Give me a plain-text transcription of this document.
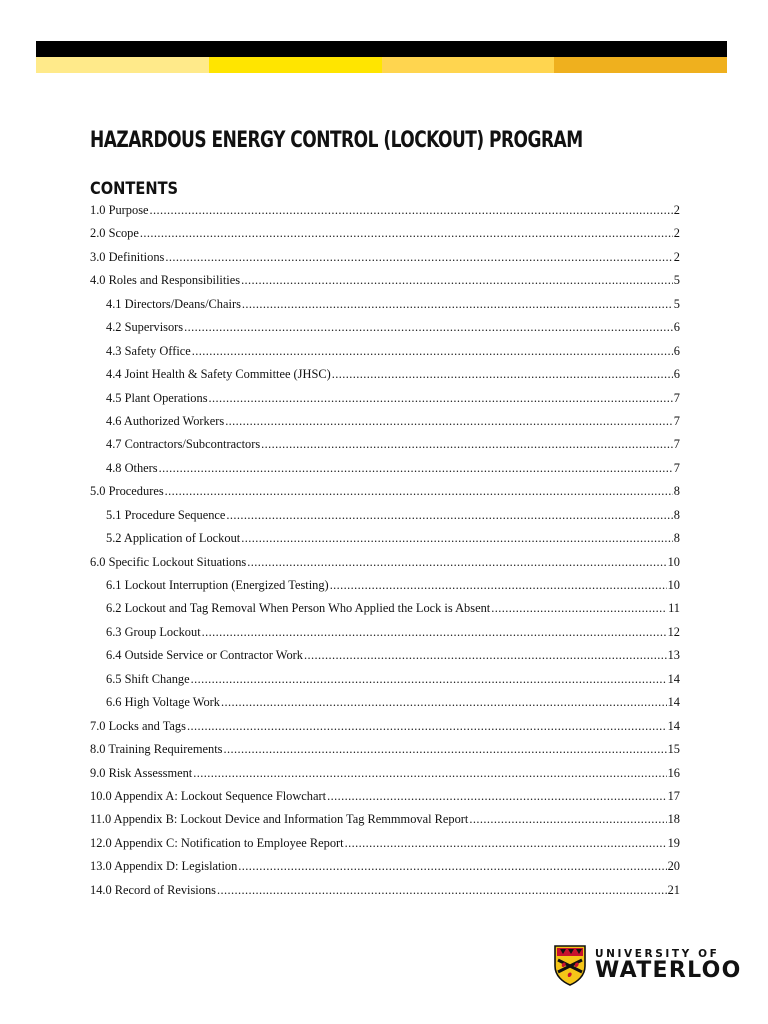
HAZARDOUS ENERGY CONTROL (LOCKOUT) PROGRAM
CONTENTS
1.0 Purpose .....	2
2.0 Scope .....	2
3.0 Definitions .....	2
4.0 Roles and Responsibilities .....	5
4.1 Directors/Deans/Chairs .....	5
4.2 Supervisors .....	6
4.3 Safety Office .....	6
4.4 Joint Health & Safety Committee (JHSC) .....	6
4.5 Plant Operations .....	7
4.6 Authorized Workers .....	7
4.7 Contractors/Subcontractors .....	7
4.8 Others .....	7
5.0 Procedures .....	8
5.1 Procedure Sequence .....	8
5.2 Application of Lockout .....	8
6.0 Specific Lockout Situations .....	10
6.1 Lockout Interruption (Energized Testing) .....	10
6.2 Lockout and Tag Removal When Person Who Applied the Lock is Absent .....	11
6.3 Group Lockout .....	12
6.4 Outside Service or Contractor Work .....	13
6.5 Shift Change .....	14
6.6 High Voltage Work .....	14
7.0 Locks and Tags .....	14
8.0 Training Requirements .....	15
9.0 Risk Assessment .....	16
10.0 Appendix A: Lockout Sequence Flowchart .....	17
11.0 Appendix B: Lockout Device and Information Tag Remmmoval Report .....	18
12.0 Appendix C: Notification to Employee Report .....	19
13.0 Appendix D: Legislation .....	20
14.0 Record of Revisions .....	21
UNIVERSITY OF
WATERLOO
